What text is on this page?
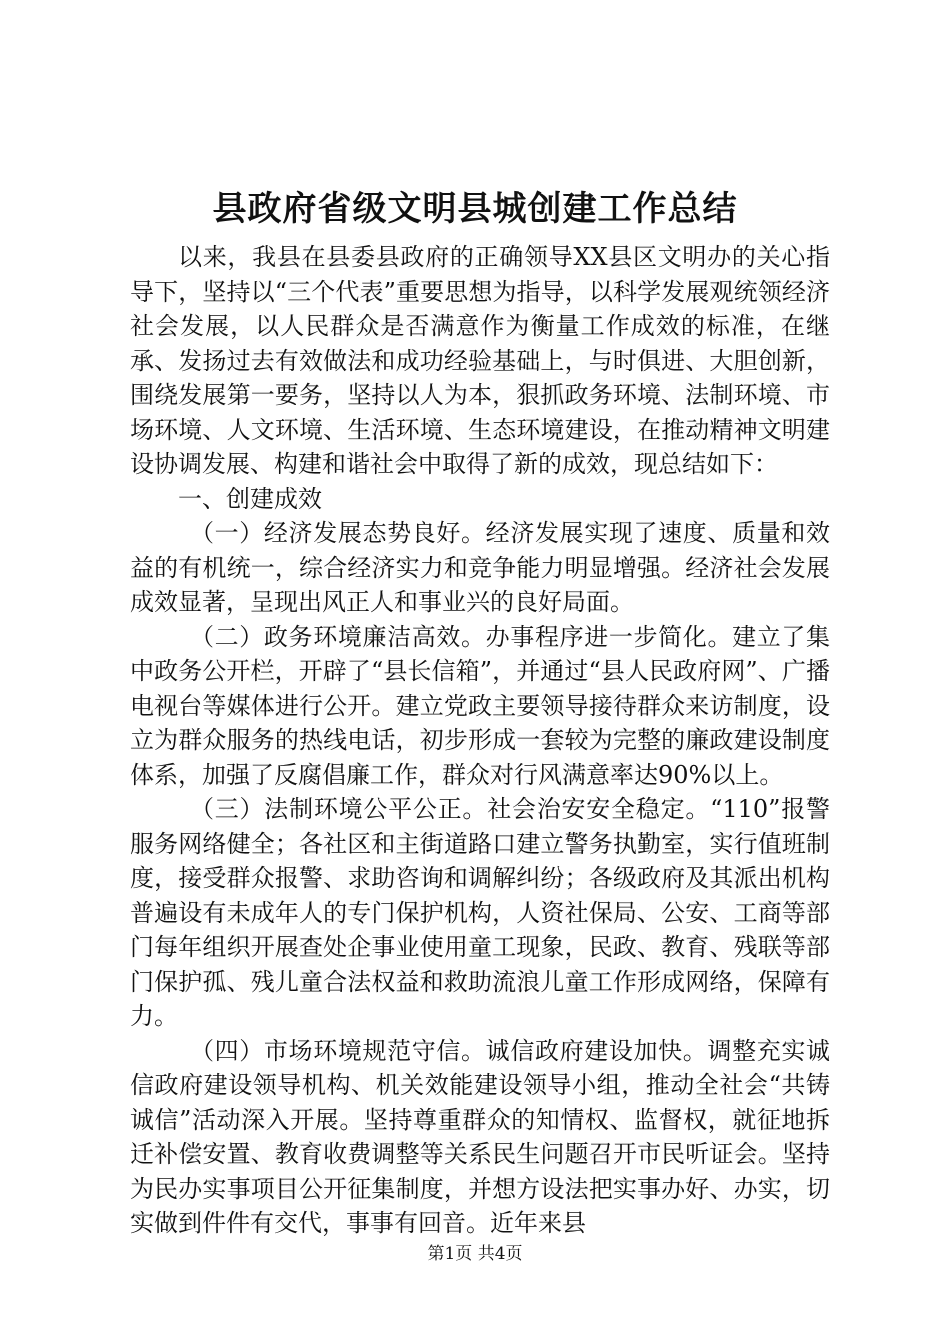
县政府省级文明县城创建工作总结

以来，我县在县委县政府的正确领导XX县区文明办的关心指导下，坚持以“三个代表”重要思想为指导，以科学发展观统领经济社会发展，以人民群众是否满意作为衡量工作成效的标准，在继承、发扬过去有效做法和成功经验基础上，与时俱进、大胆创新，围绕发展第一要务，坚持以人为本，狠抓政务环境、法制环境、市场环境、人文环境、生活环境、生态环境建设，在推动精神文明建设协调发展、构建和谐社会中取得了新的成效，现总结如下：

一、创建成效

（一）经济发展态势良好。经济发展实现了速度、质量和效益的有机统一，综合经济实力和竞争能力明显增强。经济社会发展成效显著，呈现出风正人和事业兴的良好局面。

（二）政务环境廉洁高效。办事程序进一步简化。建立了集中政务公开栏，开辟了“县长信箱”，并通过“县人民政府网”、广播电视台等媒体进行公开。建立党政主要领导接待群众来访制度，设立为群众服务的热线电话，初步形成一套较为完整的廉政建设制度体系，加强了反腐倡廉工作，群众对行风满意率达90%以上。

（三）法制环境公平公正。社会治安安全稳定。“110”报警服务网络健全；各社区和主街道路口建立警务执勤室，实行值班制度，接受群众报警、求助咨询和调解纠纷；各级政府及其派出机构普遍设有未成年人的专门保护机构，人资社保局、公安、工商等部门每年组织开展查处企事业使用童工现象，民政、教育、残联等部门保护孤、残儿童合法权益和救助流浪儿童工作形成网络，保障有力。

（四）市场环境规范守信。诚信政府建设加快。调整充实诚信政府建设领导机构、机关效能建设领导小组，推动全社会“共铸诚信”活动深入开展。坚持尊重群众的知情权、监督权，就征地拆迁补偿安置、教育收费调整等关系民生问题召开市民听证会。坚持为民办实事项目公开征集制度，并想方设法把实事办好、办实，切实做到件件有交代，事事有回音。近年来县

第1页 共4页
